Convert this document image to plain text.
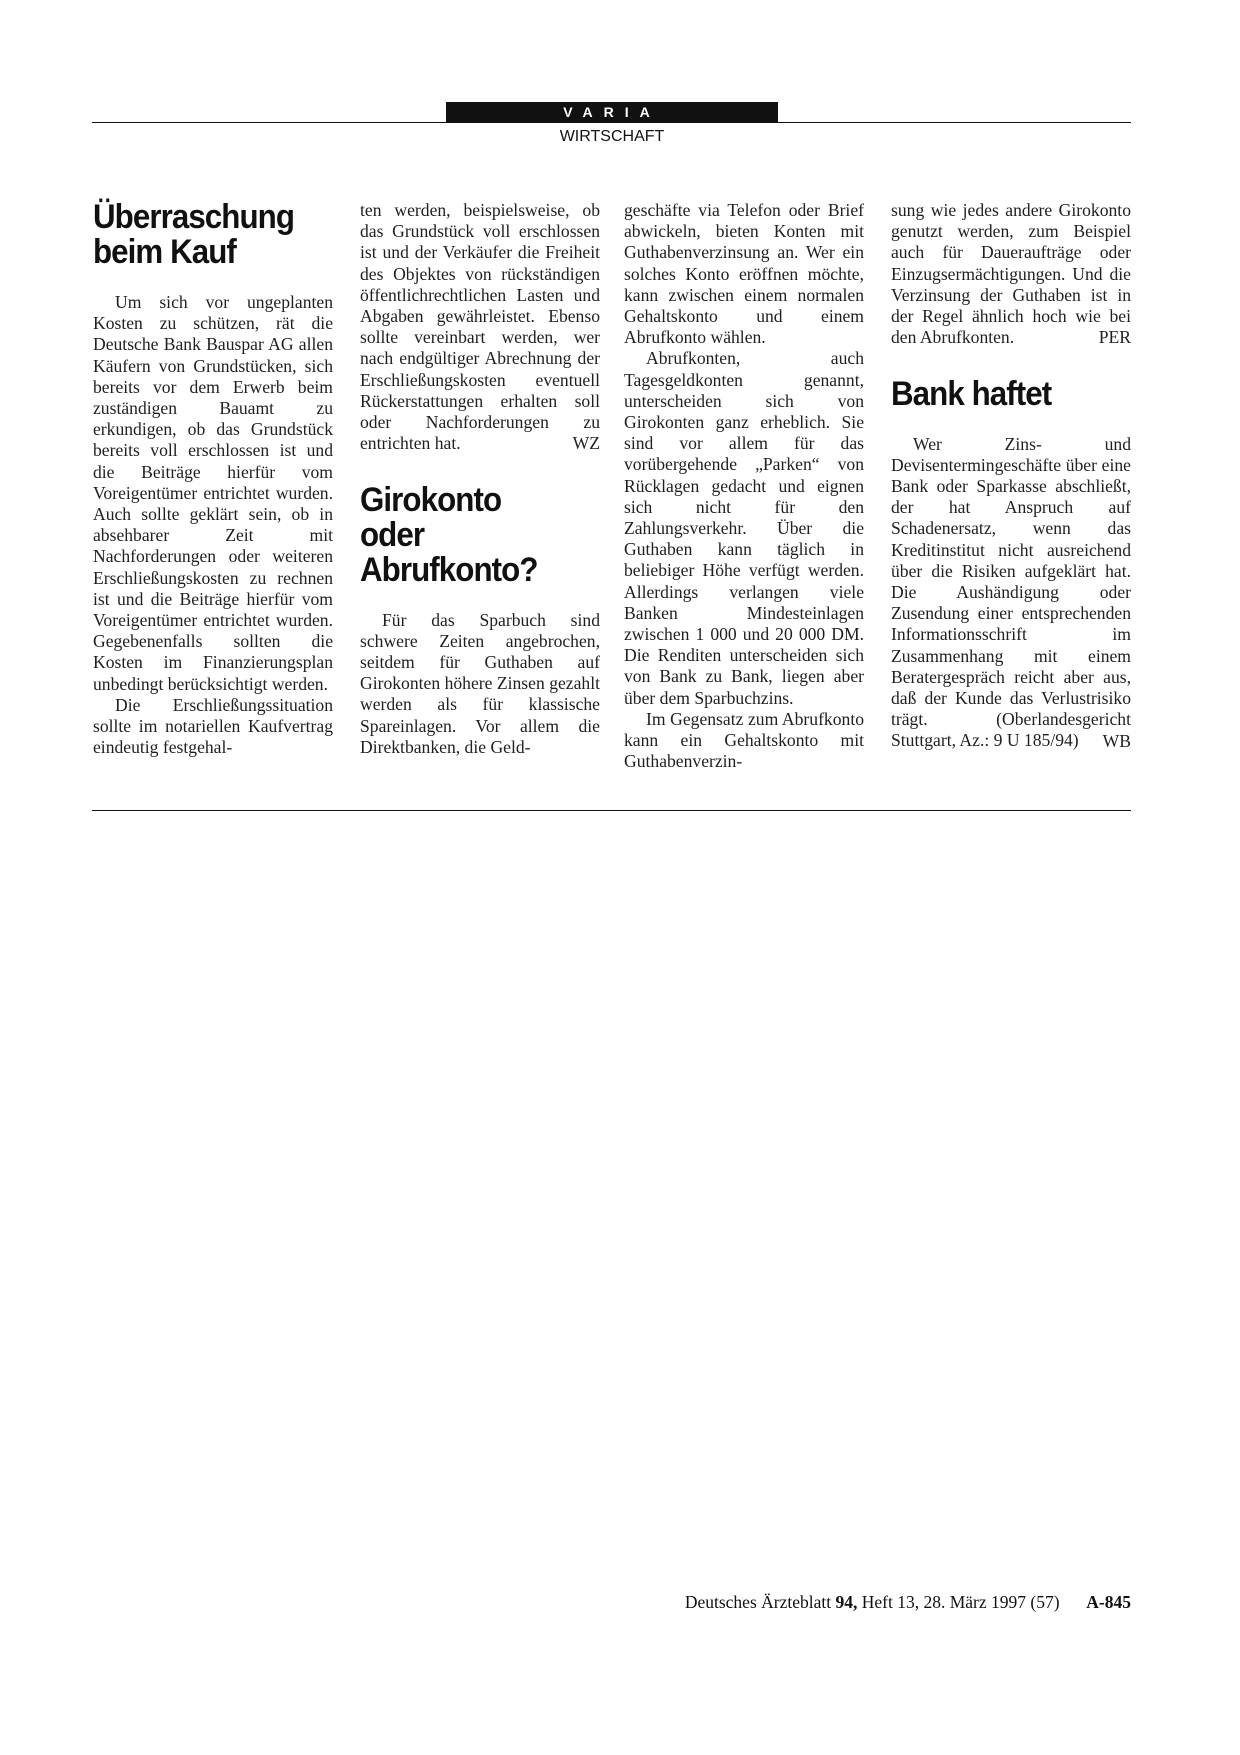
VARIA
WIRTSCHAFT
Überraschung
beim Kauf

Um sich vor ungeplanten Kosten zu schützen, rät die Deutsche Bank Bauspar AG allen Käufern von Grundstücken, sich bereits vor dem Erwerb beim zuständigen Bauamt zu erkundigen, ob das Grundstück bereits voll erschlossen ist und die Beiträge hierfür vom Voreigentümer entrichtet wurden. Auch sollte geklärt sein, ob in absehbarer Zeit mit Nachforderungen oder weiteren Erschließungskosten zu rechnen ist und die Beiträge hierfür vom Voreigentümer entrichtet wurden. Gegebenenfalls sollten die Kosten im Finanzierungsplan unbedingt berücksichtigt werden.

Die Erschließungssituation sollte im notariellen Kaufvertrag eindeutig festgehal-

ten werden, beispielsweise, ob das Grundstück voll erschlossen ist und der Verkäufer die Freiheit des Objektes von rückständigen öffentlichrechtlichen Lasten und Abgaben gewährleistet. Ebenso sollte vereinbart werden, wer nach endgültiger Abrechnung der Erschließungskosten eventuell Rückerstattungen erhalten soll oder Nachforderungen zu entrichten hat.	WZ

Girokonto
oder
Abrufkonto?

Für das Sparbuch sind schwere Zeiten angebrochen, seitdem für Guthaben auf Girokonten höhere Zinsen gezahlt werden als für klassische Spareinlagen. Vor allem die Direktbanken, die Geld-

geschäfte via Telefon oder Brief abwickeln, bieten Konten mit Guthabenverzinsung an. Wer ein solches Konto eröffnen möchte, kann zwischen einem normalen Gehaltskonto und einem Abrufkonto wählen.

Abrufkonten, auch Tagesgeldkonten genannt, unterscheiden sich von Girokonten ganz erheblich. Sie sind vor allem für das vorübergehende „Parken“ von Rücklagen gedacht und eignen sich nicht für den Zahlungsverkehr. Über die Guthaben kann täglich in beliebiger Höhe verfügt werden. Allerdings verlangen viele Banken Mindesteinlagen zwischen 1 000 und 20 000 DM. Die Renditen unterscheiden sich von Bank zu Bank, liegen aber über dem Sparbuchzins.

Im Gegensatz zum Abrufkonto kann ein Gehaltskonto mit Guthabenverzin-

sung wie jedes andere Girokonto genutzt werden, zum Beispiel auch für Daueraufträge oder Einzugsermächtigungen. Und die Verzinsung der Guthaben ist in der Regel ähnlich hoch wie bei den Abrufkonten.	PER

Bank haftet

Wer Zins- und Devisentermingeschäfte über eine Bank oder Sparkasse abschließt, der hat Anspruch auf Schadenersatz, wenn das Kreditinstitut nicht ausreichend über die Risiken aufgeklärt hat. Die Aushändigung oder Zusendung einer entsprechenden Informationsschrift im Zusammenhang mit einem Beratergespräch reicht aber aus, daß der Kunde das Verlustrisiko trägt. (Oberlandesgericht Stuttgart, Az.: 9 U 185/94)	WB

Deutsches Ärzteblatt 94, Heft 13, 28. März 1997 (57) A-845
